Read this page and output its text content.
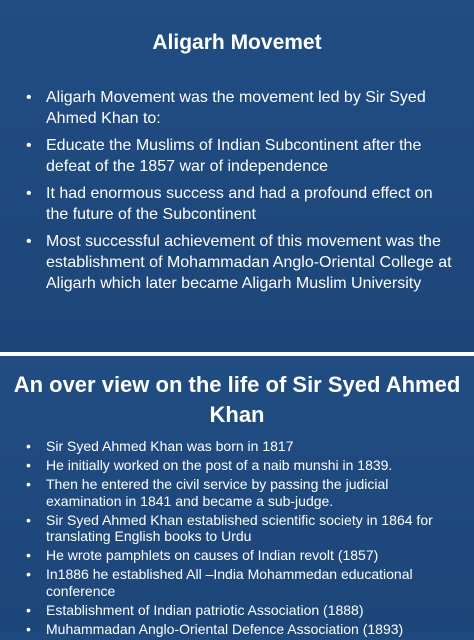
Aligarh Movemet
• Aligarh Movement was the movement led by Sir Syed Ahmed Khan to:
• Educate the Muslims of Indian Subcontinent after the defeat of the 1857 war of independence
• It had enormous success and had a profound effect on the future of the Subcontinent
• Most successful achievement of this movement was the establishment of Mohammadan Anglo-Oriental College at Aligarh which later became Aligarh Muslim University
An over view on the life of Sir Syed Ahmed Khan
• Sir Syed Ahmed Khan was born in 1817
• He initially worked on the post of a naib munshi in 1839.
• Then he entered the civil service by passing the judicial examination in 1841 and became a sub-judge.
• Sir Syed Ahmed Khan established scientific society in 1864 for translating English books to Urdu
• He wrote pamphlets on causes of Indian revolt (1857)
• In1886 he established All –India Mohammedan educational conference
• Establishment of Indian patriotic Association (1888)
• Muhammadan Anglo-Oriental Defence Association (1893)
